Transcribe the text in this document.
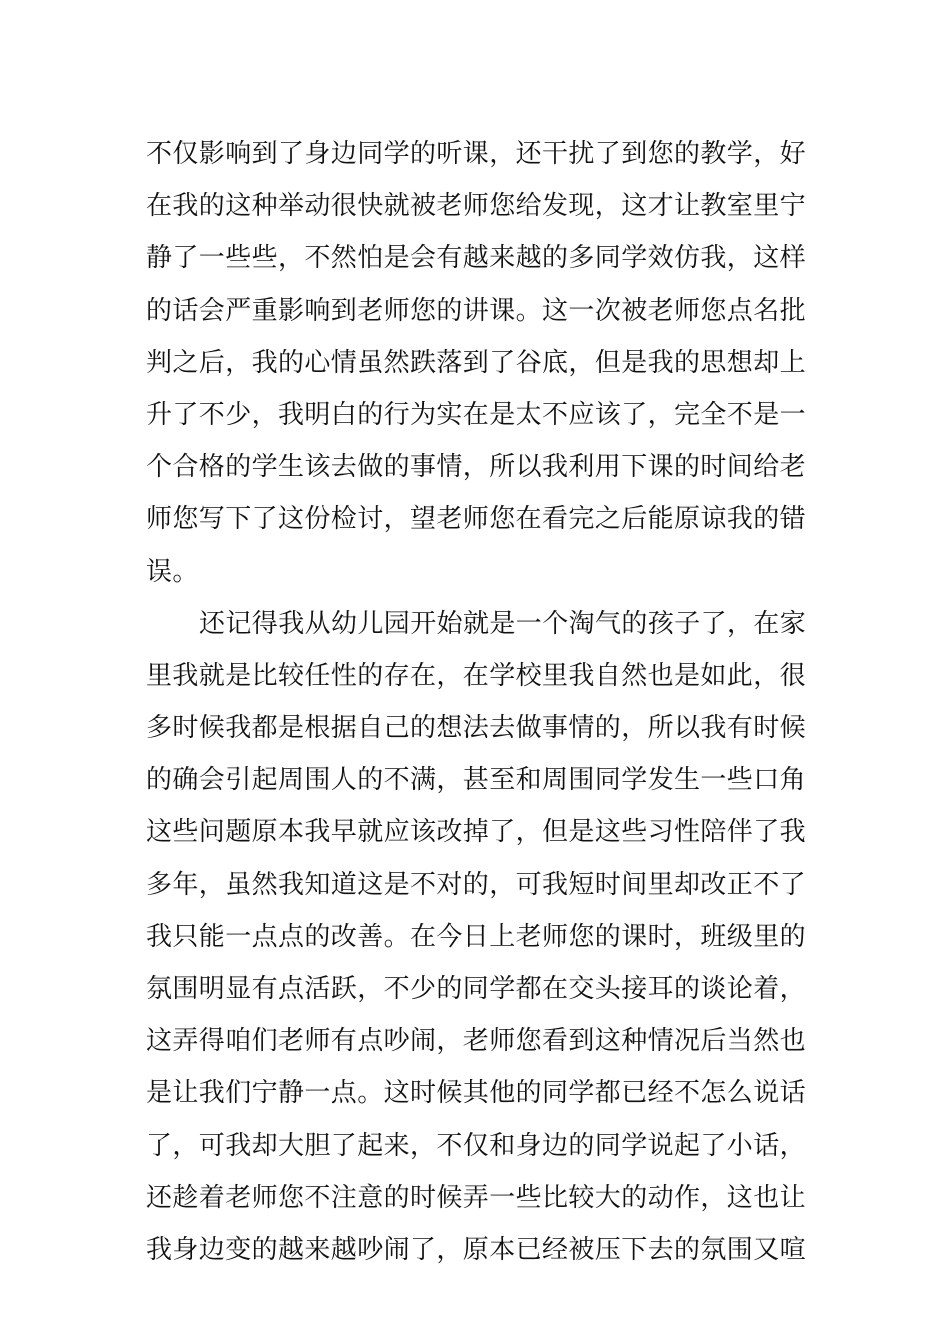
不仅影响到了身边同学的听课，还干扰了到您的教学，好
在我的这种举动很快就被老师您给发现，这才让教室里宁
静了一些些，不然怕是会有越来越的多同学效仿我，这样
的话会严重影响到老师您的讲课。这一次被老师您点名批
判之后，我的心情虽然跌落到了谷底，但是我的思想却上
升了不少，我明白的行为实在是太不应该了，完全不是一
个合格的学生该去做的事情，所以我利用下课的时间给老
师您写下了这份检讨，望老师您在看完之后能原谅我的错
误。
还记得我从幼儿园开始就是一个淘气的孩子了，在家
里我就是比较任性的存在，在学校里我自然也是如此，很
多时候我都是根据自己的想法去做事情的，所以我有时候
的确会引起周围人的不满，甚至和周围同学发生一些口角
这些问题原本我早就应该改掉了，但是这些习性陪伴了我
多年，虽然我知道这是不对的，可我短时间里却改正不了
我只能一点点的改善。在今日上老师您的课时，班级里的
氛围明显有点活跃，不少的同学都在交头接耳的谈论着，
这弄得咱们老师有点吵闹，老师您看到这种情况后当然也
是让我们宁静一点。这时候其他的同学都已经不怎么说话
了，可我却大胆了起来，不仅和身边的同学说起了小话，
还趁着老师您不注意的时候弄一些比较大的动作，这也让
我身边变的越来越吵闹了，原本已经被压下去的氛围又喧
